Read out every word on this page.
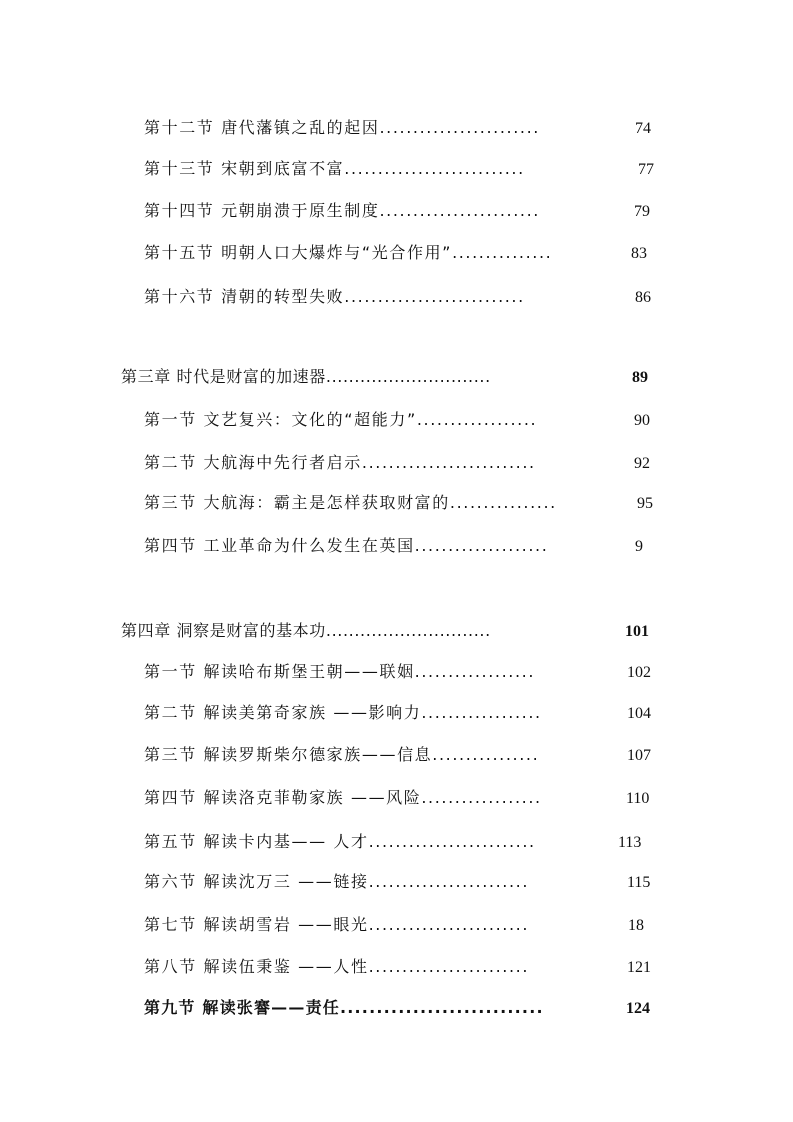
第十二节 唐代藩镇之乱的起因........................	74
第十三节 宋朝到底富不富...........................	77
第十四节 元朝崩溃于原生制度........................	79
第十五节 明朝人口大爆炸与“光合作用”...............	83
第十六节 清朝的转型失败...........................	86
第三章 时代是财富的加速器.............................	89
第一节 文艺复兴：文化的“超能力”..................	90
第二节 大航海中先行者启示..........................	92
第三节 大航海：霸主是怎样获取财富的................	95
第四节 工业革命为什么发生在英国....................	9
第四章 洞察是财富的基本功.............................	101
第一节 解读哈布斯堡王朝——联姻..................	102
第二节 解读美第奇家族 ——影响力..................	104
第三节 解读罗斯柴尔德家族——信息................	107
第四节 解读洛克菲勒家族 ——风险..................	110
第五节 解读卡内基—— 人才.........................	113
第六节 解读沈万三 ——链接........................	115
第七节 解读胡雪岩 ——眼光........................	18
第八节 解读伍秉鉴 ——人性........................	121
第九节 解读张謇——责任............................	124
